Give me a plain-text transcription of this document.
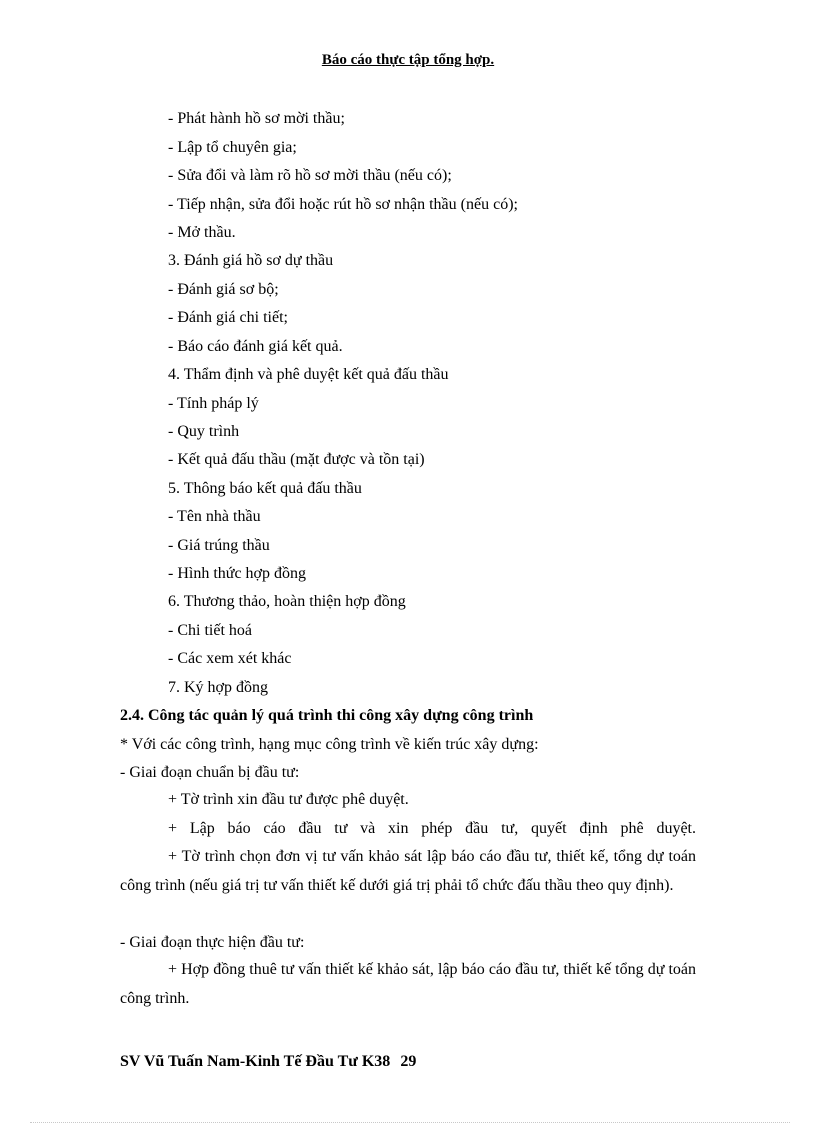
Báo cáo thực tập tổng hợp.
- Phát hành hồ sơ mời thầu;
- Lập tổ chuyên gia;
- Sửa đổi và làm rõ hồ sơ mời thầu (nếu có);
- Tiếp nhận, sửa đổi hoặc rút hồ sơ nhận thầu (nếu có);
- Mở thầu.
3. Đánh giá hồ sơ dự thầu
- Đánh giá sơ bộ;
- Đánh giá chi tiết;
- Báo cáo đánh giá kết quả.
4. Thẩm định và phê duyệt kết quả đấu thầu
- Tính pháp lý
- Quy trình
- Kết quả đấu thầu (mặt được và tồn tại)
5. Thông báo kết quả đấu thầu
- Tên nhà thầu
- Giá trúng thầu
- Hình thức hợp đồng
6. Thương thảo, hoàn thiện hợp đồng
- Chi tiết hoá
- Các xem xét khác
7. Ký hợp đồng
2.4. Công tác quản lý quá trình thi công xây dựng công trình
* Với các công trình, hạng mục công trình về kiến trúc xây dựng:
- Giai đoạn chuẩn bị đầu tư:
+ Tờ trình xin đầu tư được phê duyệt.
+ Lập báo cáo đầu tư và xin phép đầu tư, quyết định phê duyệt.
+ Tờ trình chọn đơn vị tư vấn khảo sát lập báo cáo đầu tư, thiết kế, tổng dự toán công trình (nếu giá trị tư vấn thiết kế dưới giá trị phải tổ chức đấu thầu theo quy định).
- Giai đoạn thực hiện đầu tư:
+ Hợp đồng thuê tư vấn thiết kế khảo sát, lập báo cáo đầu tư, thiết kế tổng dự toán công trình.
SV Vũ Tuấn Nam-Kinh Tế Đầu Tư K38 29
